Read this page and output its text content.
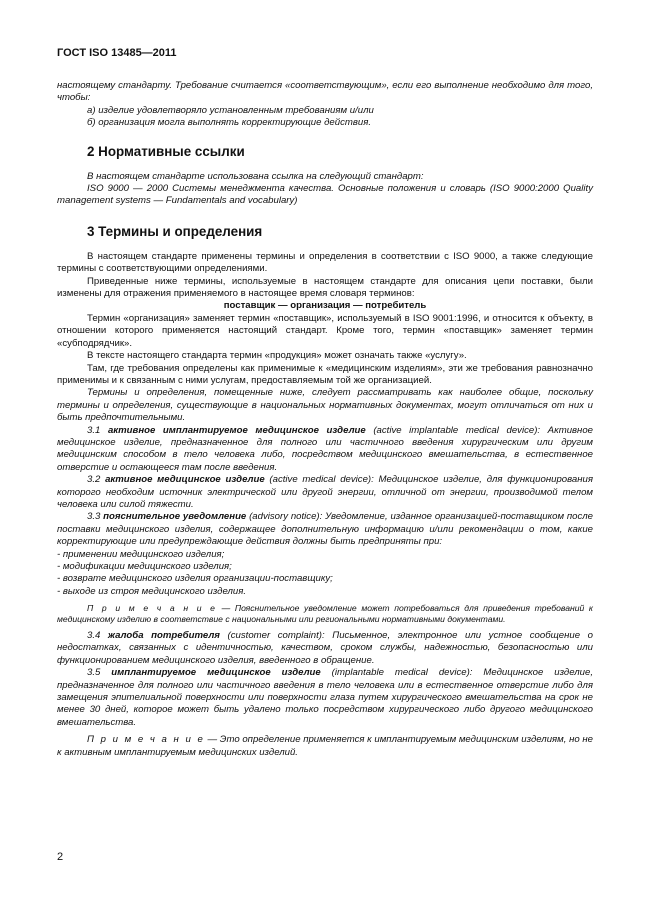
ГОСТ ISO 13485—2011

настоящему стандарту. Требование считается «соответствующим», если его выполнение необходимо для того, чтобы:

а) изделие удовлетворяло установленным требованиям и/или

б) организация могла выполнять корректирующие действия.

2 Нормативные ссылки

В настоящем стандарте использована ссылка на следующий стандарт:

ISO 9000 — 2000 Системы менеджмента качества. Основные положения и словарь (ISO 9000:2000 Quality management systems — Fundamentals and vocabulary)

3 Термины и определения

В настоящем стандарте применены термины и определения в соответствии с ISO 9000, а также следующие термины с соответствующими определениями.

Приведенные ниже термины, используемые в настоящем стандарте для описания цепи поставки, были изменены для отражения применяемого в настоящее время словаря терминов:

поставщик — организация — потребитель

Термин «организация» заменяет термин «поставщик», используемый в ISO 9001:1996, и относится к объекту, в отношении которого применяется настоящий стандарт. Кроме того, термин «поставщик» заменяет термин «субподрядчик».

В тексте настоящего стандарта термин «продукция» может означать также «услугу».

Там, где требования определены как применимые к «медицинским изделиям», эти же требования равнозначно применимы и к связанным с ними услугам, предоставляемым той же организацией.

Термины и определения, помещенные ниже, следует рассматривать как наиболее общие, поскольку термины и определения, существующие в национальных нормативных документах, могут отличаться от них и быть предпочтительными.

3.1 активное имплантируемое медицинское изделие (active implantable medical device): Активное медицинское изделие, предназначенное для полного или частичного введения хирургическим или другим медицинским способом в тело человека либо, посредством медицинского вмешательства, в естественное отверстие и остающееся там после введения.

3.2 активное медицинское изделие (active medical device): Медицинское изделие, для функционирования которого необходим источник электрической или другой энергии, отличной от энергии, производимой телом человека или силой тяжести.

3.3 пояснительное уведомление (advisory notice): Уведомление, изданное организацией-поставщиком после поставки медицинского изделия, содержащее дополнительную информацию и/или рекомендации о том, какие корректирующие или предупреждающие действия должны быть предприняты при:

- применении медицинского изделия;

- модификации медицинского изделия;

- возврате медицинского изделия организации-поставщику;

- выходе из строя медицинского изделия.

П р и м е ч а н и е — Пояснительное уведомление может потребоваться для приведения требований к медицинскому изделию в соответствие с национальными или региональными нормативными документами.

3.4 жалоба потребителя (customer complaint): Письменное, электронное или устное сообщение о недостатках, связанных с идентичностью, качеством, сроком службы, надежностью, безопасностью или функционированием медицинского изделия, введенного в обращение.

3.5 имплантируемое медицинское изделие (implantable medical device): Медицинское изделие, предназначенное для полного или частичного введения в тело человека или в естественное отверстие либо для замещения эпителиальной поверхности или поверхности глаза путем хирургического вмешательства на срок не менее 30 дней, которое может быть удалено только посредством хирургического либо другого медицинского вмешательства.

П р и м е ч а н и е — Это определение применяется к имплантируемым медицинским изделиям, но не к активным имплантируемым медицинских изделий.

2
